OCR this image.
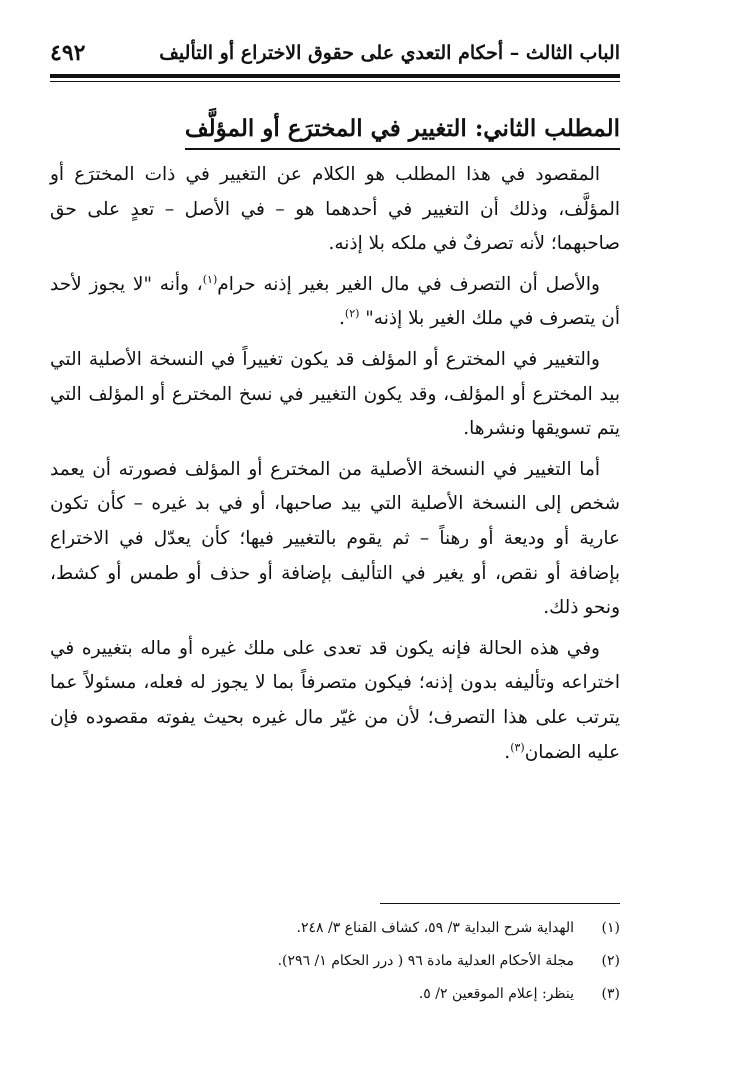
الباب الثالث – أحكام التعدي على حقوق الاختراع أو التأليف
٤٩٢
المطلب الثاني: التغيير في المخترَع أو المؤلَّف

المقصود في هذا المطلب هو الكلام عن التغيير في ذات المخترَع أو المؤلَّف، وذلك أن التغيير في أحدهما هو – في الأصل – تعدٍ على حق صاحبهما؛ لأنه تصرفٌ في ملكه بلا إذنه.

والأصل أن التصرف في مال الغير بغير إذنه حرام$^{(١)}$، وأنه "لا يجوز لأحد أن يتصرف في ملك الغير بلا إذنه" $^{(٢)}$.

والتغيير في المخترع أو المؤلف قد يكون تغييراً في النسخة الأصلية التي بيد المخترع أو المؤلف، وقد يكون التغيير في نسخ المخترع أو المؤلف التي يتم تسويقها ونشرها.

أما التغيير في النسخة الأصلية من المخترع أو المؤلف فصورته أن يعمد شخص إلى النسخة الأصلية التي بيد صاحبها، أو في بد غيره – كأن تكون عارية أو وديعة أو رهناً – ثم يقوم بالتغيير فيها؛ كأن يعدّل في الاختراع بإضافة أو نقص، أو يغير في التأليف بإضافة أو حذف أو طمس أو كشط، ونحو ذلك.

وفي هذه الحالة فإنه يكون قد تعدى على ملك غيره أو ماله بتغييره في اختراعه وتأليفه بدون إذنه؛ فيكون متصرفاً بما لا يجوز له فعله، مسئولاً عما يترتب على هذا التصرف؛ لأن من غيّر مال غيره بحيث يفوته مقصوده فإن عليه الضمان$^{(٣)}$.

(١)
الهداية شرح البداية ٣/ ٥٩، كشاف القناع ٣/ ٢٤٨.
(٢)
مجلة الأحكام العدلية مادة ٩٦ ( درر الحكام ١/ ٢٩٦).
(٣)
ينظر: إعلام الموقعين ٢/ ٥.
